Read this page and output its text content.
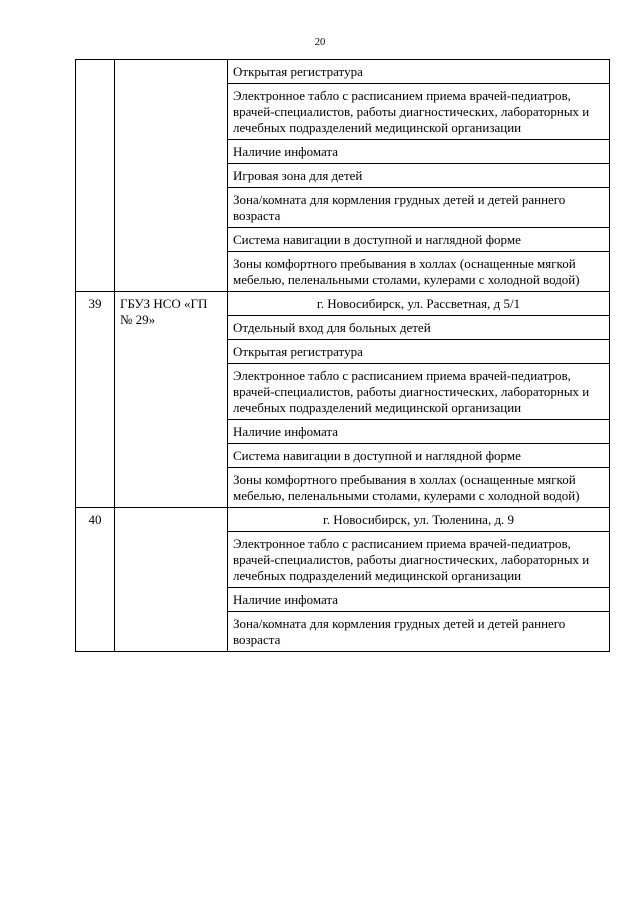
20
		Открытая регистратура
		Электронное табло с расписанием приема врачей-педиатров, врачей-специалистов, работы диагностических, лабораторных и лечебных подразделений медицинской организации
		Наличие инфомата
		Игровая зона для детей
		Зона/комната для кормления грудных детей и детей раннего возраста
		Система навигации в доступной и наглядной форме
		Зоны комфортного пребывания в холлах (оснащенные мягкой мебелью, пеленальными столами, кулерами с холодной водой)
39	ГБУЗ НСО «ГП № 29»	г. Новосибирск, ул. Рассветная, д 5/1
		Отдельный вход для больных детей
		Открытая регистратура
		Электронное табло с расписанием приема врачей-педиатров, врачей-специалистов, работы диагностических, лабораторных и лечебных подразделений медицинской организации
		Наличие инфомата
		Система навигации в доступной и наглядной форме
		Зоны комфортного пребывания в холлах (оснащенные мягкой мебелью, пеленальными столами, кулерами с холодной водой)
40		г. Новосибирск, ул. Тюленина, д. 9
		Электронное табло с расписанием приема врачей-педиатров, врачей-специалистов, работы диагностических, лабораторных и лечебных подразделений медицинской организации
		Наличие инфомата
		Зона/комната для кормления грудных детей и детей раннего возраста
